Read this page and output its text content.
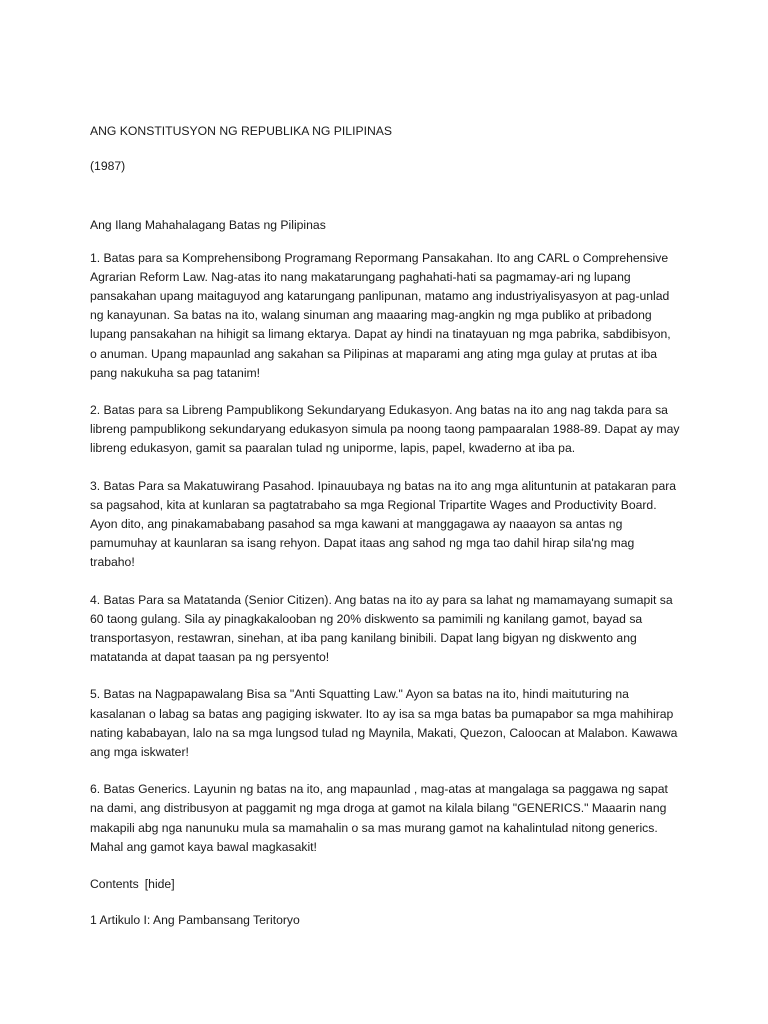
ANG KONSTITUSYON NG REPUBLIKA NG PILIPINAS

(1987)

Ang Ilang Mahahalagang Batas ng Pilipinas

1. Batas para sa Komprehensibong Programang Repormang Pansakahan. Ito ang CARL o Comprehensive Agrarian Reform Law. Nag-atas ito nang makatarungang paghahati-hati sa pagmamay-ari ng lupang pansakahan upang maitaguyod ang katarungang panlipunan, matamo ang industriyalisyasyon at pag-unlad ng kanayunan. Sa batas na ito, walang sinuman ang maaaring mag-angkin ng mga publiko at pribadong lupang pansakahan na hihigit sa limang ektarya. Dapat ay hindi na tinatayuan ng mga pabrika, sabdibisyon, o anuman. Upang mapaunlad ang sakahan sa Pilipinas at maparami ang ating mga gulay at prutas at iba pang nakukuha sa pag tatanim!

2. Batas para sa Libreng Pampublikong Sekundaryang Edukasyon. Ang batas na ito ang nag takda para sa libreng pampublikong sekundaryang edukasyon simula pa noong taong pampaaralan 1988-89. Dapat ay may libreng edukasyon, gamit sa paaralan tulad ng uniporme, lapis, papel, kwaderno at iba pa.

3. Batas Para sa Makatuwirang Pasahod. Ipinauubaya ng batas na ito ang mga alituntunin at patakaran para sa pagsahod, kita at kunlaran sa pagtatrabaho sa mga Regional Tripartite Wages and Productivity Board. Ayon dito, ang pinakamababang pasahod sa mga kawani at manggagawa ay naaayon sa antas ng pamumuhay at kaunlaran sa isang rehyon. Dapat itaas ang sahod ng mga tao dahil hirap sila'ng mag trabaho!

4. Batas Para sa Matatanda (Senior Citizen). Ang batas na ito ay para sa lahat ng mamamayang sumapit sa 60 taong gulang. Sila ay pinagkakalooban ng 20% diskwento sa pamimili ng kanilang gamot, bayad sa transportasyon, restawran, sinehan, at iba pang kanilang binibili. Dapat lang bigyan ng diskwento ang matatanda at dapat taasan pa ng persyento!

5. Batas na Nagpapawalang Bisa sa "Anti Squatting Law." Ayon sa batas na ito, hindi maituturing na kasalanan o labag sa batas ang pagiging iskwater. Ito ay isa sa mga batas ba pumapabor sa mga mahihirap nating kababayan, lalo na sa mga lungsod tulad ng Maynila, Makati, Quezon, Caloocan at Malabon. Kawawa ang mga iskwater!

6. Batas Generics. Layunin ng batas na ito, ang mapaunlad , mag-atas at mangalaga sa paggawa ng sapat na dami, ang distribusyon at paggamit ng mga droga at gamot na kilala bilang "GENERICS." Maaarin nang makapili abg nga nanunuku mula sa mamahalin o sa mas murang gamot na kahalintulad nitong generics. Mahal ang gamot kaya bawal magkasakit!

Contents [hide]

1 Artikulo I: Ang Pambansang Teritoryo
